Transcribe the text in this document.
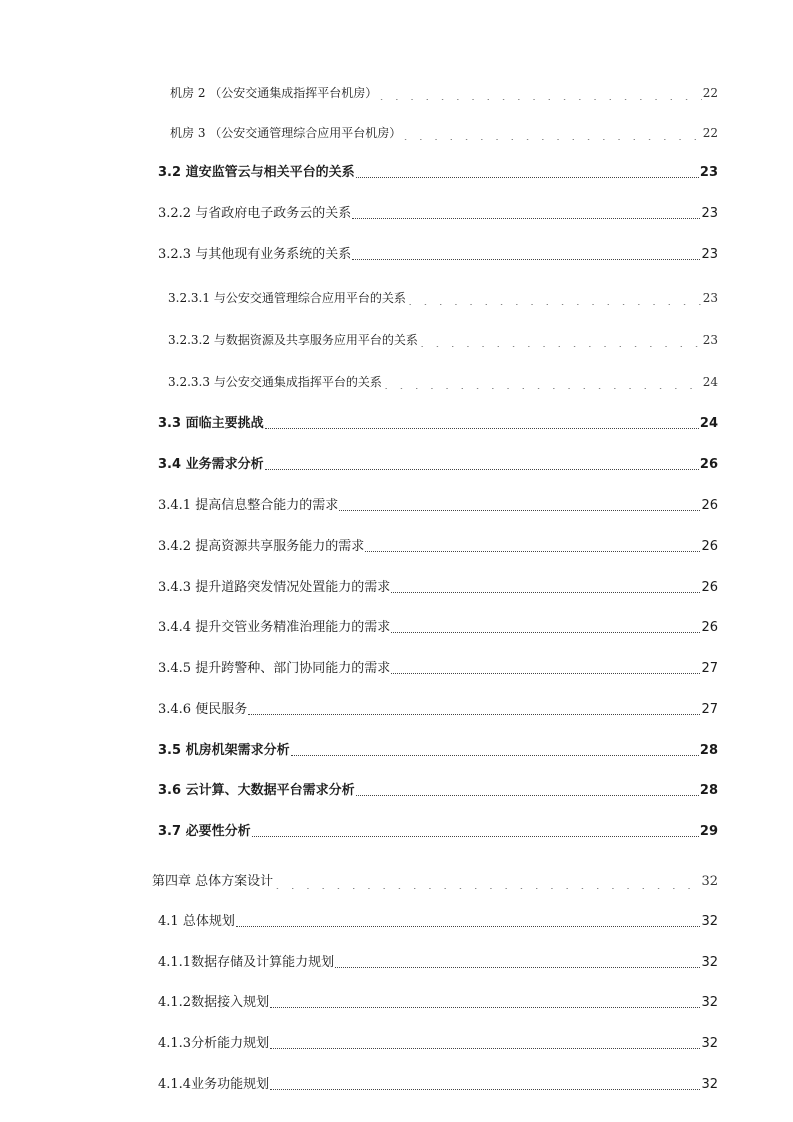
机房 2 （公安交通集成指挥平台机房） . . .	22
机房 3 （公安交通管理综合应用平台机房） . . .	22
3.2 道安监管云与相关平台的关系	23
3.2.2 与省政府电子政务云的关系	23
3.2.3 与其他现有业务系统的关系	23
3.2.3.1 与公安交通管理综合应用平台的关系 . . .	23
3.2.3.2 与数据资源及共享服务应用平台的关系 . . .	23
3.2.3.3 与公安交通集成指挥平台的关系 . . .	24
3.3 面临主要挑战	24
3.4 业务需求分析	26
3.4.1 提高信息整合能力的需求	26
3.4.2 提高资源共享服务能力的需求	26
3.4.3 提升道路突发情况处置能力的需求	26
3.4.4 提升交管业务精准治理能力的需求	26
3.4.5 提升跨警种、部门协同能力的需求	27
3.4.6 便民服务	27
3.5 机房机架需求分析	28
3.6 云计算、大数据平台需求分析	28
3.7 必要性分析	29
第四章 总体方案设计 . . .	32
4.1 总体规划	32
4.1.1数据存储及计算能力规划	32
4.1.2数据接入规划	32
4.1.3分析能力规划	32
4.1.4业务功能规划	32
